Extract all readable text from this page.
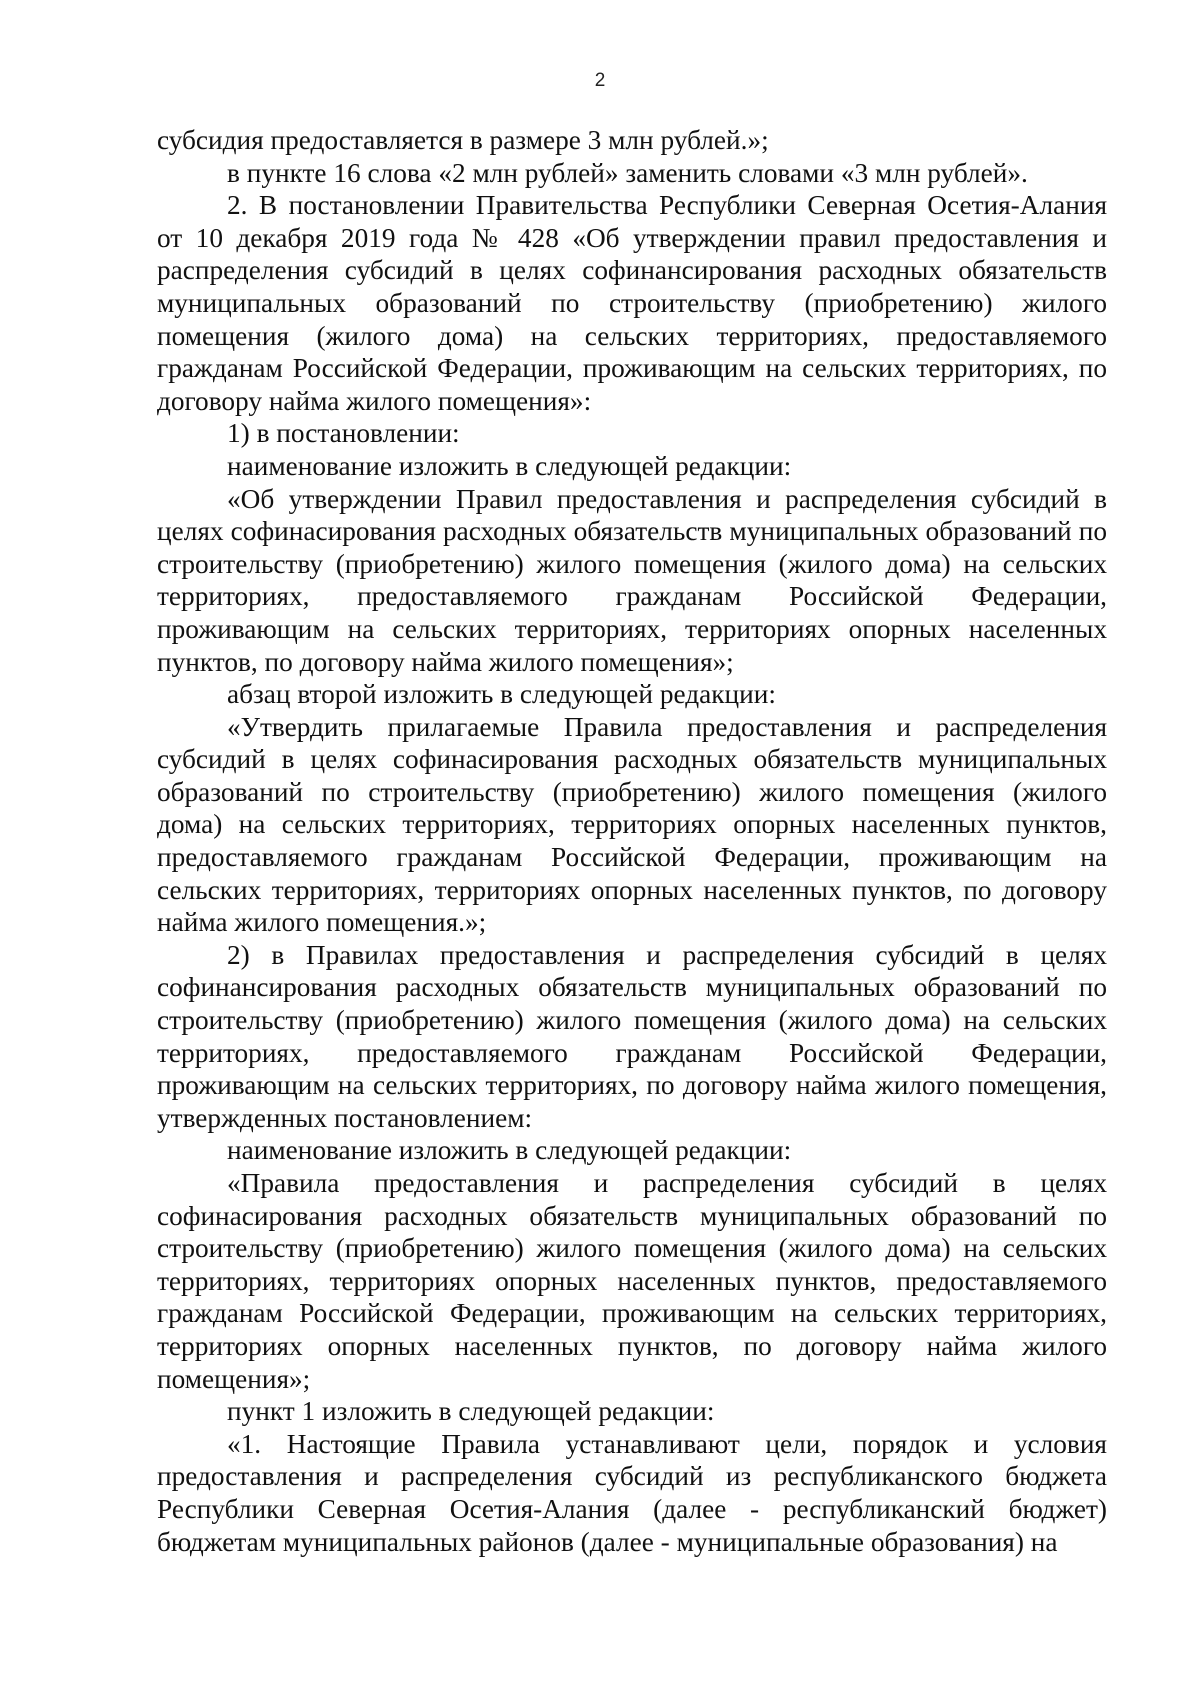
2

субсидия предоставляется в размере 3 млн рублей.»;

в пункте 16 слова «2 млн рублей» заменить словами «3 млн рублей».

2. В постановлении Правительства Республики Северная Осетия-Алания от 10 декабря 2019 года № 428 «Об утверждении правил предоставления и распределения субсидий в целях софинансирования расходных обязательств муниципальных образований по строительству (приобретению) жилого помещения (жилого дома) на сельских территориях, предоставляемого гражданам Российской Федерации, проживающим на сельских территориях, по договору найма жилого помещения»:

1) в постановлении:

наименование изложить в следующей редакции:

«Об утверждении Правил предоставления и распределения субсидий в целях софинасирования расходных обязательств муниципальных образований по строительству (приобретению) жилого помещения (жилого дома) на сельских территориях, предоставляемого гражданам Российской Федерации, проживающим на сельских территориях, территориях опорных населенных пунктов, по договору найма жилого помещения»;

абзац второй изложить в следующей редакции:

«Утвердить прилагаемые Правила предоставления и распределения субсидий в целях софинасирования расходных обязательств муниципальных образований по строительству (приобретению) жилого помещения (жилого дома) на сельских территориях, территориях опорных населенных пунктов, предоставляемого гражданам Российской Федерации, проживающим на сельских территориях, территориях опорных населенных пунктов, по договору найма жилого помещения.»;

2) в Правилах предоставления и распределения субсидий в целях софинансирования расходных обязательств муниципальных образований по строительству (приобретению) жилого помещения (жилого дома) на сельских территориях, предоставляемого гражданам Российской Федерации, проживающим на сельских территориях, по договору найма жилого помещения, утвержденных постановлением:

наименование изложить в следующей редакции:

«Правила предоставления и распределения субсидий в целях софинасирования расходных обязательств муниципальных образований по строительству (приобретению) жилого помещения (жилого дома) на сельских территориях, территориях опорных населенных пунктов, предоставляемого гражданам Российской Федерации, проживающим на сельских территориях, территориях опорных населенных пунктов, по договору найма жилого помещения»;

пункт 1 изложить в следующей редакции:

«1. Настоящие Правила устанавливают цели, порядок и условия предоставления и распределения субсидий из республиканского бюджета Республики Северная Осетия-Алания (далее - республиканский бюджет) бюджетам муниципальных районов (далее - муниципальные образования) на
